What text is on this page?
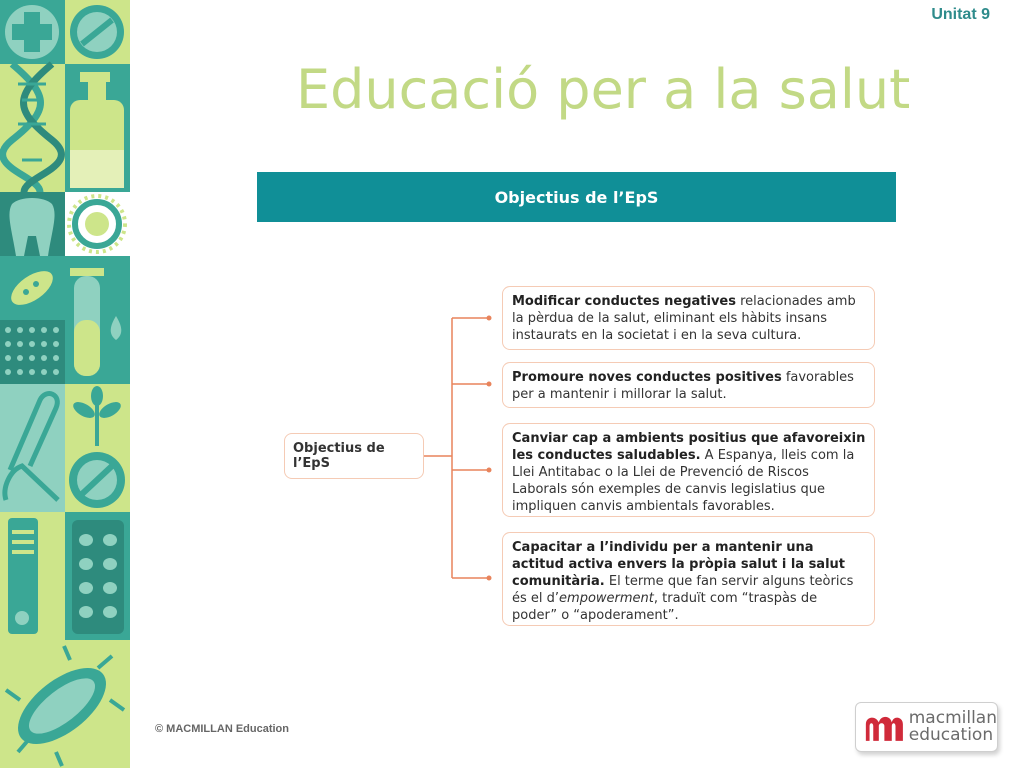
Unitat 9
Educació per a la salut
Objectius de l’EpS
Objectius de l’EpS
Modificar conductes negatives relacionades amb la pèrdua de la salut, eliminant els hàbits insans instaurats en la societat i en la seva cultura.
Promoure noves conductes positives favorables per a mantenir i millorar la salut.
Canviar cap a ambients positius que afavoreixin les conductes saludables. A Espanya, lleis com la Llei Antitabac o la Llei de Prevenció de Riscos Laborals són exemples de canvis legislatius que impliquen canvis ambientals favorables.
Capacitar a l’individu per a mantenir una actitud activa envers la pròpia salut i la salut comunitària. El terme que fan servir alguns teòrics és el d’empowerment, traduït com “traspàs de poder” o “apoderament”.
© MACMILLAN Education
macmillan
education
